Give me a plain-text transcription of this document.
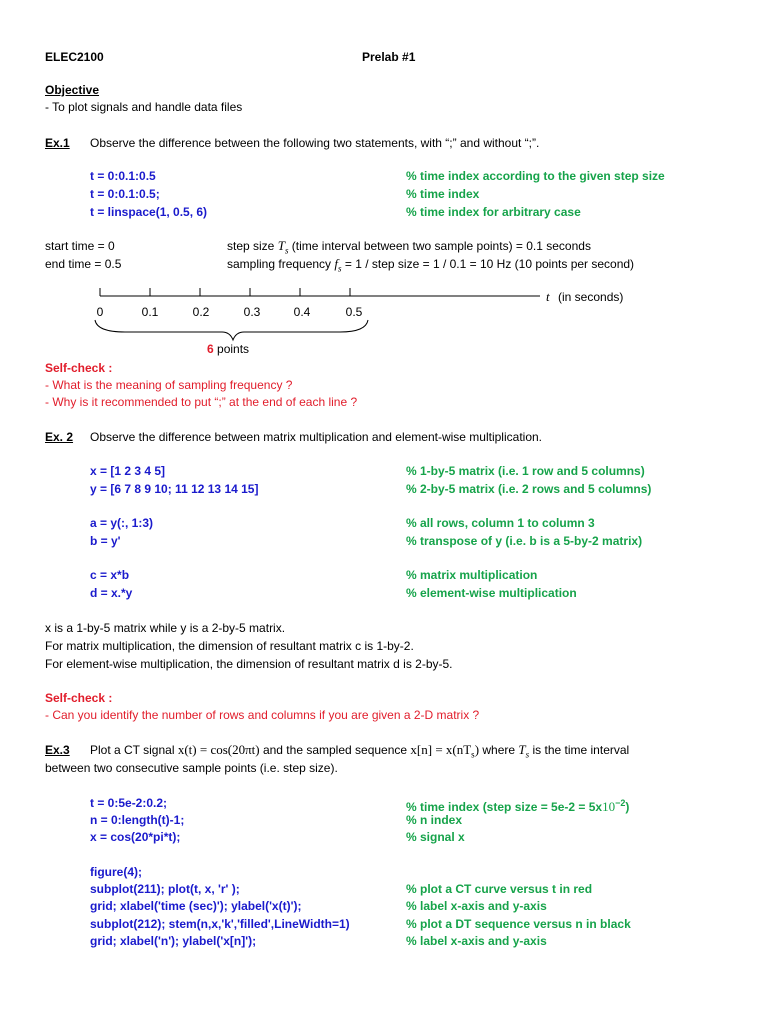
ELEC2100	Prelab #1
Objective
- To plot signals and handle data files
Ex.1 Observe the difference between the following two statements, with “;” and without “;”.
t = 0:0.1:0.5	% time index according to the given step size
t = 0:0.1:0.5;	% time index
t = linspace(1, 0.5, 6)	% time index for arbitrary case
start time = 0
end time = 0.5
step size $T_s$ (time interval between two sample points) = 0.1 seconds
sampling frequency $f_s = 1$ / step size = 1 / 0.1 = 10 Hz (10 points per second)
0	0.1	0.2	0.3	0.4	0.5
t (in seconds)
6 points
Self-check :
- What is the meaning of sampling frequency ?
- Why is it recommended to put “;” at the end of each line ?
Ex. 2 Observe the difference between matrix multiplication and element-wise multiplication.
x = [1 2 3 4 5]	% 1-by-5 matrix (i.e. 1 row and 5 columns)
y = [6 7 8 9 10; 11 12 13 14 15]	% 2-by-5 matrix (i.e. 2 rows and 5 columns)
a = y(:, 1:3)	% all rows, column 1 to column 3
b = y'	% transpose of y (i.e. b is a 5-by-2 matrix)
c = x*b	% matrix multiplication
d = x.*y	% element-wise multiplication
x is a 1-by-5 matrix while y is a 2-by-5 matrix.
For matrix multiplication, the dimension of resultant matrix c is 1-by-2.
For element-wise multiplication, the dimension of resultant matrix d is 2-by-5.
Self-check :
- Can you identify the number of rows and columns if you are given a 2-D matrix ?
Ex.3 Plot a CT signal x(t) = cos(20πt) and the sampled sequence $x[n] = x(nT_s)$ where $T_s$ is the time interval
between two consecutive sample points (i.e. step size).
t = 0:5e-2:0.2;	% time index (step size = $5e-2 = 5x10^{-2}$)
n = 0:length(t)-1;	% n index
x = cos(20*pi*t);	% signal x
figure(4);
subplot(211); plot(t, x, 'r' );	% plot a CT curve versus t in red
grid; xlabel('time (sec)'); ylabel('x(t)');	% label x-axis and y-axis
subplot(212); stem(n,x,'k','filled',LineWidth=1)	% plot a DT sequence versus n in black
grid; xlabel('n'); ylabel('x[n]');	% label x-axis and y-axis
